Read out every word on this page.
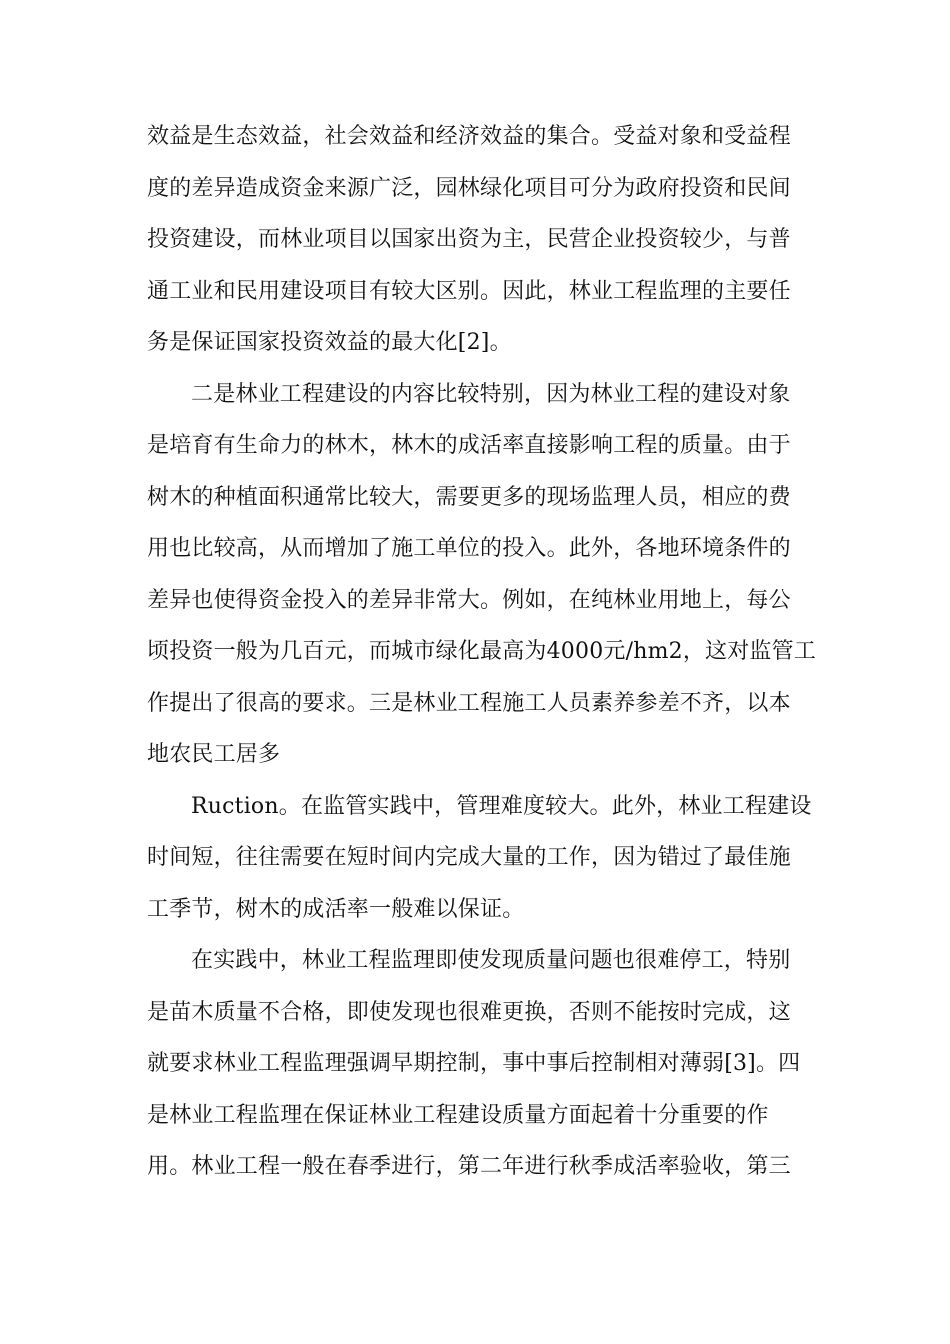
效益是生态效益，社会效益和经济效益的集合。受益对象和受益程
度的差异造成资金来源广泛，园林绿化项目可分为政府投资和民间
投资建设，而林业项目以国家出资为主，民营企业投资较少，与普
通工业和民用建设项目有较大区别。因此，林业工程监理的主要任
务是保证国家投资效益的最大化[2]。
二是林业工程建设的内容比较特别，因为林业工程的建设对象
是培育有生命力的林木，林木的成活率直接影响工程的质量。由于
树木的种植面积通常比较大，需要更多的现场监理人员，相应的费
用也比较高，从而增加了施工单位的投入。此外，各地环境条件的
差异也使得资金投入的差异非常大。例如，在纯林业用地上，每公
顷投资一般为几百元，而城市绿化最高为4000元/hm2，这对监管工
作提出了很高的要求。三是林业工程施工人员素养参差不齐，以本
地农民工居多
Ruction。在监管实践中，管理难度较大。此外，林业工程建设
时间短，往往需要在短时间内完成大量的工作，因为错过了最佳施
工季节，树木的成活率一般难以保证。
在实践中，林业工程监理即使发现质量问题也很难停工，特别
是苗木质量不合格，即使发现也很难更换，否则不能按时完成，这
就要求林业工程监理强调早期控制，事中事后控制相对薄弱[3]。四
是林业工程监理在保证林业工程建设质量方面起着十分重要的作
用。林业工程一般在春季进行，第二年进行秋季成活率验收，第三
